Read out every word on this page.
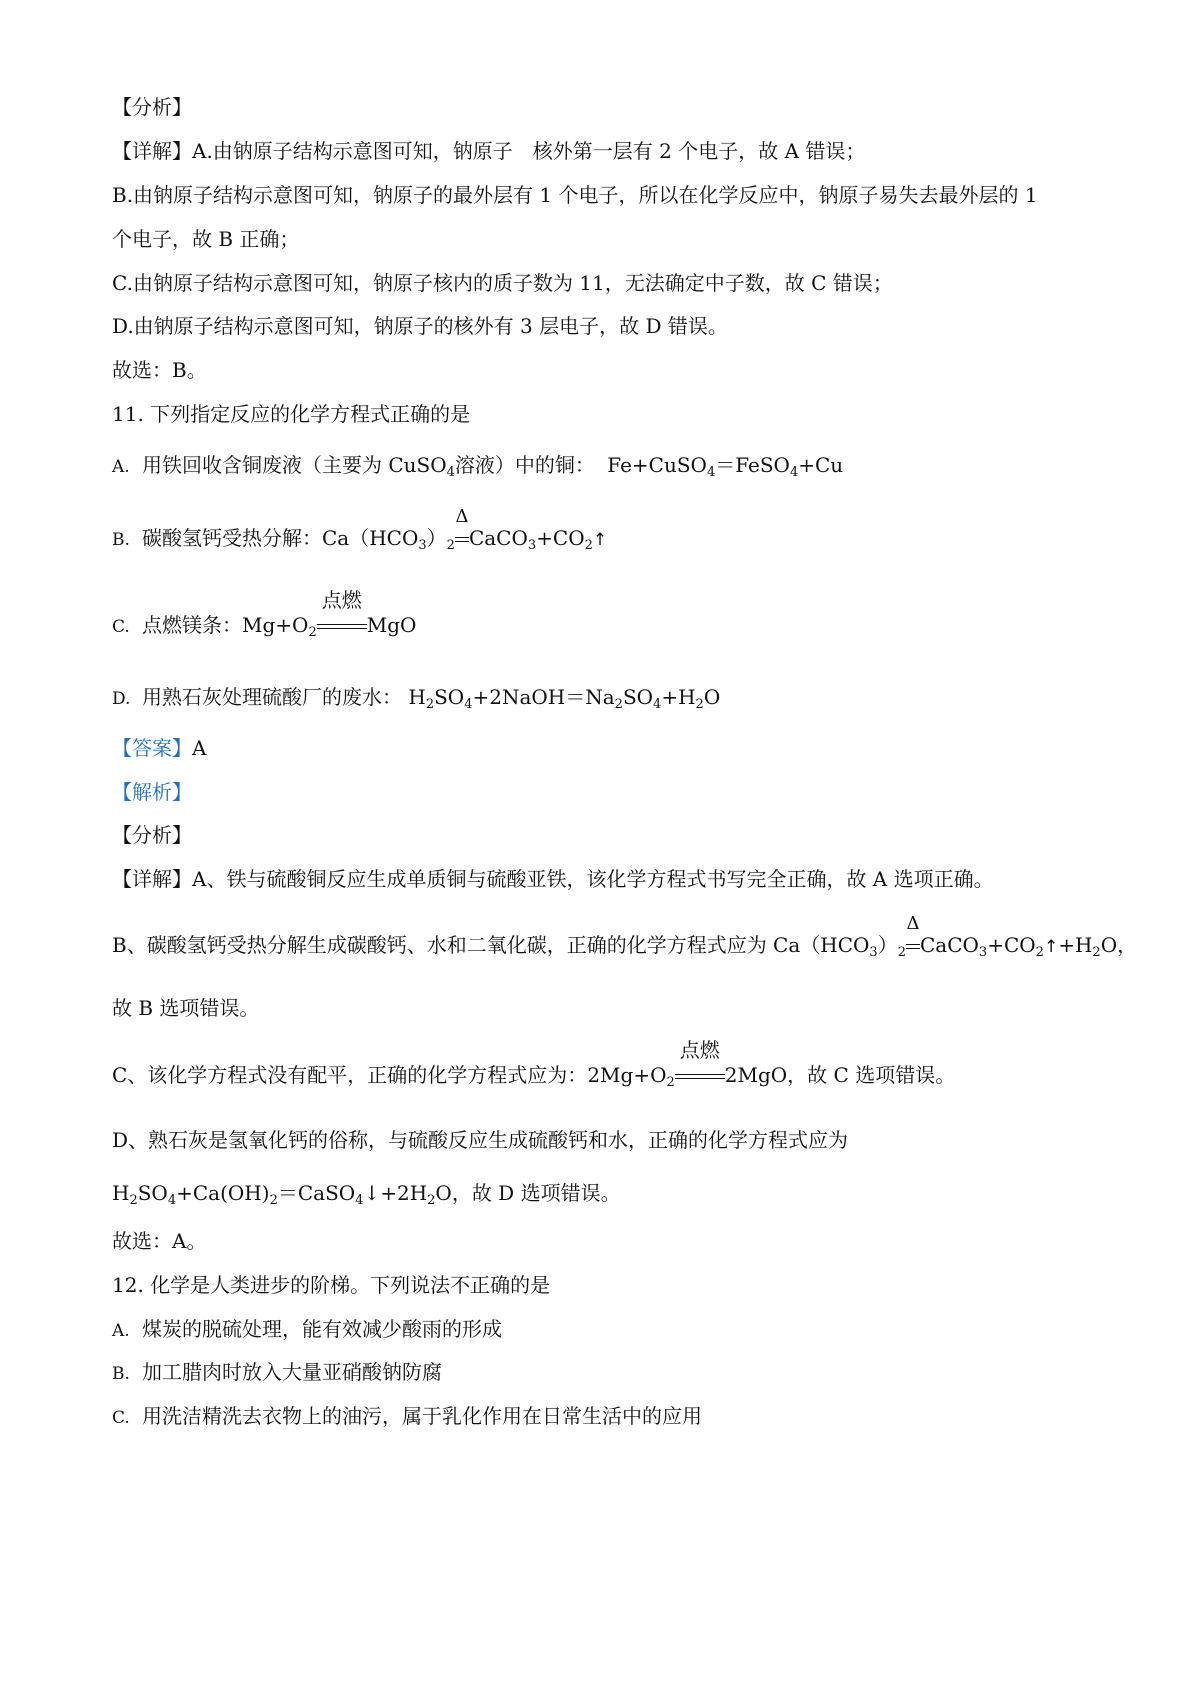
【分析】
【详解】A.由钠原子结构示意图可知，钠原子　核外第一层有 2 个电子，故 A 错误；
B.由钠原子结构示意图可知，钠原子的最外层有 1 个电子，所以在化学反应中，钠原子易失去最外层的 1
个电子，故 B 正确；
C.由钠原子结构示意图可知，钠原子核内的质子数为 11，无法确定中子数，故 C 错误；
D.由钠原子结构示意图可知，钠原子的核外有 3 层电子，故 D 错误。
故选：B。
11. 下列指定反应的化学方程式正确的是
A. 用铁回收含铜废液（主要为 CuSO$_4$溶液）中的铜： Fe+CuSO$_4$＝FeSO$_4$+Cu
B. 碳酸氢钙受热分解：$Ca(HCO_3)_2$
Δ
$CaCO_3+CO_2↑$
C. 点燃镁条：$Mg+O_2$
点燃
MgO
D. 用熟石灰处理硫酸厂的废水： $H_2SO_4+2NaOH=Na_2SO_4+H_2O$
【答案】A
【解析】
【分析】
【详解】A、铁与硫酸铜反应生成单质铜与硫酸亚铁，该化学方程式书写完全正确，故 A 选项正确。
B、碳酸氢钙受热分解生成碳酸钙、水和二氧化碳，正确的化学方程式应为 $Ca(HCO_3)_2$
Δ
$CaCO_3+CO_2↑+H_2O$，
故 B 选项错误。
C、该化学方程式没有配平，正确的化学方程式应为：$2Mg+O_2$
点燃
2MgO，故 C 选项错误。
D、熟石灰是氢氧化钙的俗称，与硫酸反应生成硫酸钙和水，正确的化学方程式应为
$H_2SO_4+Ca(OH)_2=CaSO_4↓+2H_2O$，故 D 选项错误。
故选：A。
12. 化学是人类进步的阶梯。下列说法不正确的是
A. 煤炭的脱硫处理，能有效减少酸雨的形成
B. 加工腊肉时放入大量亚硝酸钠防腐
C. 用洗洁精洗去衣物上的油污，属于乳化作用在日常生活中的应用
